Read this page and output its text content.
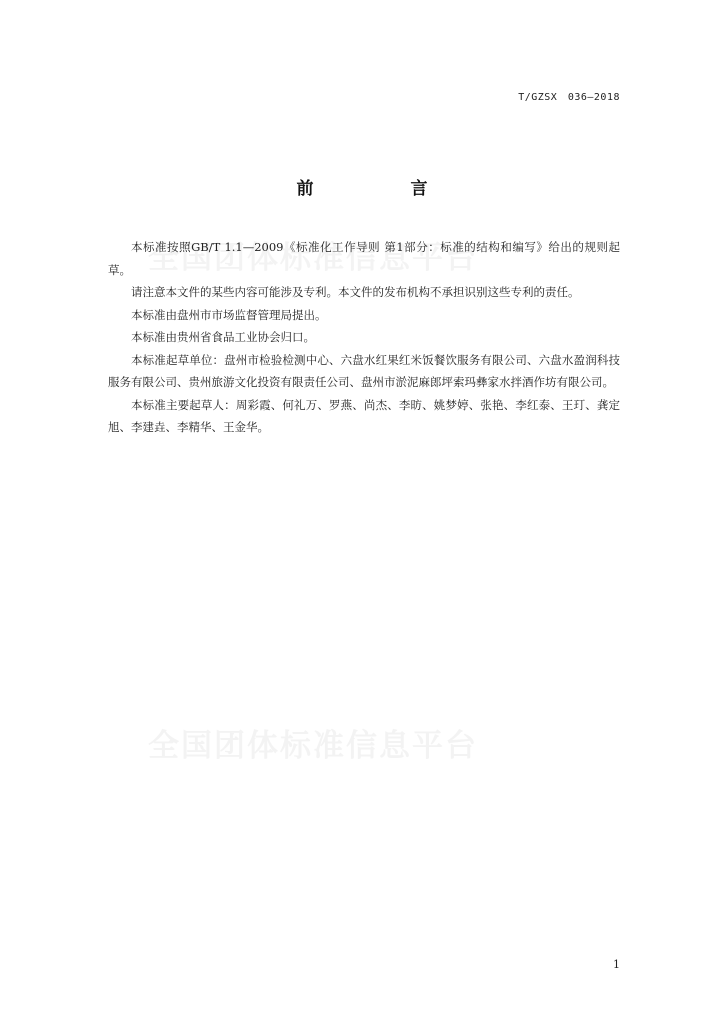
T/GZSX　036—2018
前　言

本标准按照GB/T 1.1—2009《标准化工作导则 第1部分：标准的结构和编写》给出的规则起草。

请注意本文件的某些内容可能涉及专利。本文件的发布机构不承担识别这些专利的责任。

本标准由盘州市市场监督管理局提出。

本标准由贵州省食品工业协会归口。

本标准起草单位：盘州市检验检测中心、六盘水红果红米饭餐饮服务有限公司、六盘水盈润科技服务有限公司、贵州旅游文化投资有限责任公司、盘州市淤泥麻郎坪索玛彝家水拌酒作坊有限公司。

本标准主要起草人：周彩霞、何礼万、罗燕、尚杰、李昉、姚梦婷、张艳、李红泰、王玎、龚定旭、李建垚、李精华、王金华。

1
